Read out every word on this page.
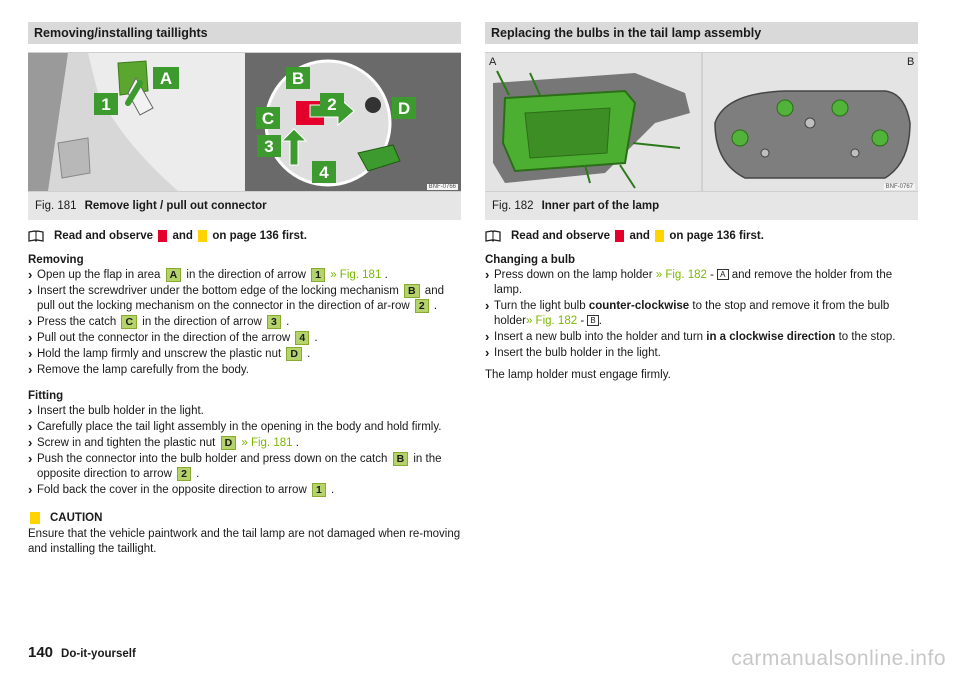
Removing/installing taillights
A
1
B
2
C
3
D
4
BNF-0766
Fig. 181 Remove light / pull out connector
Read and observe

and

on page 136 first.
Removing
› Open up the flap in area A in the direction of arrow 1 » Fig. 181 .
› Insert the screwdriver under the bottom edge of the locking mechanism B and pull out the locking mechanism on the connector in the direction of ar-row 2 .
› Press the catch C in the direction of arrow 3 .
› Pull out the connector in the direction of the arrow 4 .
› Hold the lamp firmly and unscrew the plastic nut D .
› Remove the lamp carefully from the body.
Fitting
› Insert the bulb holder in the light.
› Carefully place the tail light assembly in the opening in the body and hold firmly.
› Screw in and tighten the plastic nut D » Fig. 181 .
› Push the connector into the bulb holder and press down on the catch B in the opposite direction to arrow 2 .
› Fold back the cover in the opposite direction to arrow 1 .
CAUTION
Ensure that the vehicle paintwork and the tail lamp are not damaged when re-moving and installing the taillight.
Replacing the bulbs in the tail lamp assembly
A	B
BNF-0767
Fig. 182 Inner part of the lamp
Read and observe

and

on page 136 first.
Changing a bulb
› Press down on the lamp holder » Fig. 182 - A and remove the holder from the lamp.
› Turn the light bulb counter-clockwise to the stop and remove it from the bulb holder» Fig. 182 - B .
› Insert a new bulb into the holder and turn in a clockwise direction to the stop.
› Insert the bulb holder in the light.
The lamp holder must engage firmly.
140 Do-it-yourself	carmanualsonline.info
